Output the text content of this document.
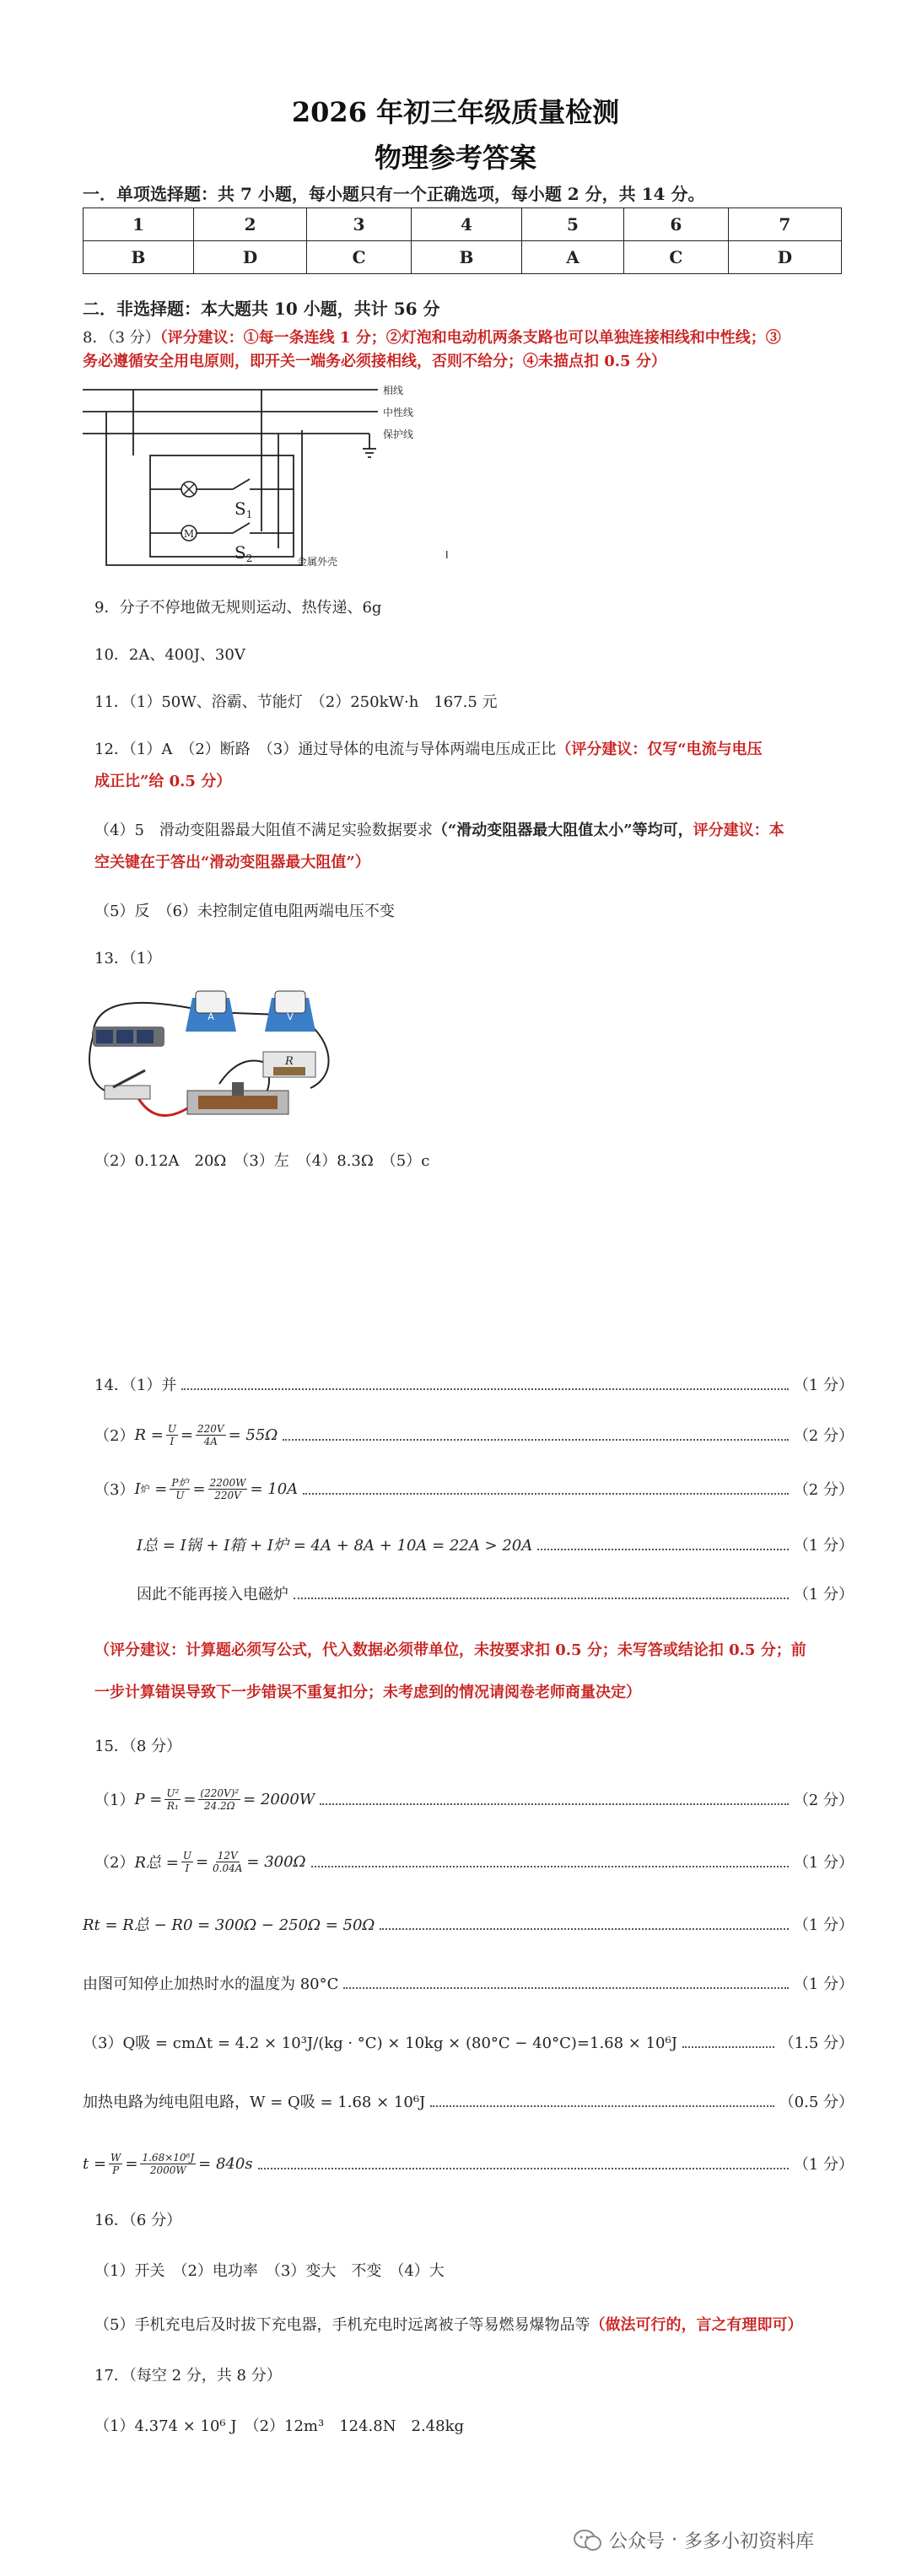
2026 年初三年级质量检测
物理参考答案
一．单项选择题：共 7 小题，每小题只有一个正确选项，每小题 2 分，共 14 分。
1	2	3	4	5	6	7
B	D	C	B	A	C	D
二．非选择题：本大题共 10 小题，共计 56 分
8．（3 分）（评分建议：①每一条连线 1 分；②灯泡和电动机两条支路也可以单独连接相线和中性线；③
务必遵循安全用电原则，即开关一端务必须接相线，否则不给分；④未描点扣 0.5 分）
M
相线
中性线
保护线
金属外壳
I
$S_1$
$S_2$
9．分子不停地做无规则运动、热传递、6g
10．2A、400J、30V
11．（1）50W、浴霸、节能灯　（2）250kW·h　167.5 元
12．（1）A　（2）断路　（3）通过导体的电流与导体两端电压成正比（评分建议：仅写“电流与电压
成正比”给 0.5 分）
（4）5　滑动变阻器最大阻值不满足实验数据要求（“滑动变阻器最大阻值太小”等均可，评分建议：本
空关键在于答出“滑动变阻器最大阻值”）
（5）反　（6）未控制定值电阻两端电压不变
13．（1）
A	V
R
（2）0.12A　20Ω　（3）左　（4）8.3Ω　（5）c
14．（1）并	（1 分）
（2） $R = \frac{U}{I} = \frac{220V}{4A} = 55\Omega$	（2 分）
（3） I 炉 = $\frac{\text{P炉}}{U} = \frac{2200W}{220V} = 10A$	（2 分）
I总 = I锅 + I箱 + I炉 = 4A + 8A + 10A = 22A > 20A	（1 分）
因此不能再接入电磁炉	（1 分）
（评分建议：计算题必须写公式，代入数据必须带单位，未按要求扣 0.5 分；未写答或结论扣 0.5 分；前
一步计算错误导致下一步错误不重复扣分；未考虑到的情况请阅卷老师商量决定）
15．（8 分）
（1） $P = \frac{\text{U²}}{\text{R₁}} = \frac{\text{(220V)²}}{24.2\Omega} = 2000W$	（2 分）
（2） R总 = $\frac{U}{I} = \frac{12V}{0.04A} = 300\Omega$	（1 分）
Rt = R总 − R0 = 300Ω − 250Ω = 50Ω	（1 分）
由图可知停止加热时水的温度为 80°C	（1 分）
（3）Q吸 = cmΔt = 4.2 × 10³J/(kg · °C) × 10kg × (80°C − 40°C)=1.68 × 10⁶J	（1.5 分）
加热电路为纯电阻电路，W = Q吸 = 1.68 × 10⁶J	（0.5 分）
$t = \frac{W}{P} = \frac{\text{1.68×10⁶J}}{2000W} = 840s$	（1 分）
16．（6 分）
（1）开关　（2）电功率　（3）变大　不变　（4）大
（5）手机充电后及时拔下充电器，手机充电时远离被子等易燃易爆物品等（做法可行的，言之有理即可）
17．（每空 2 分，共 8 分）
（1）4.374 × 10⁶ J　（2）12m³　124.8N　2.48kg
公众号 · 多多小初资料库
